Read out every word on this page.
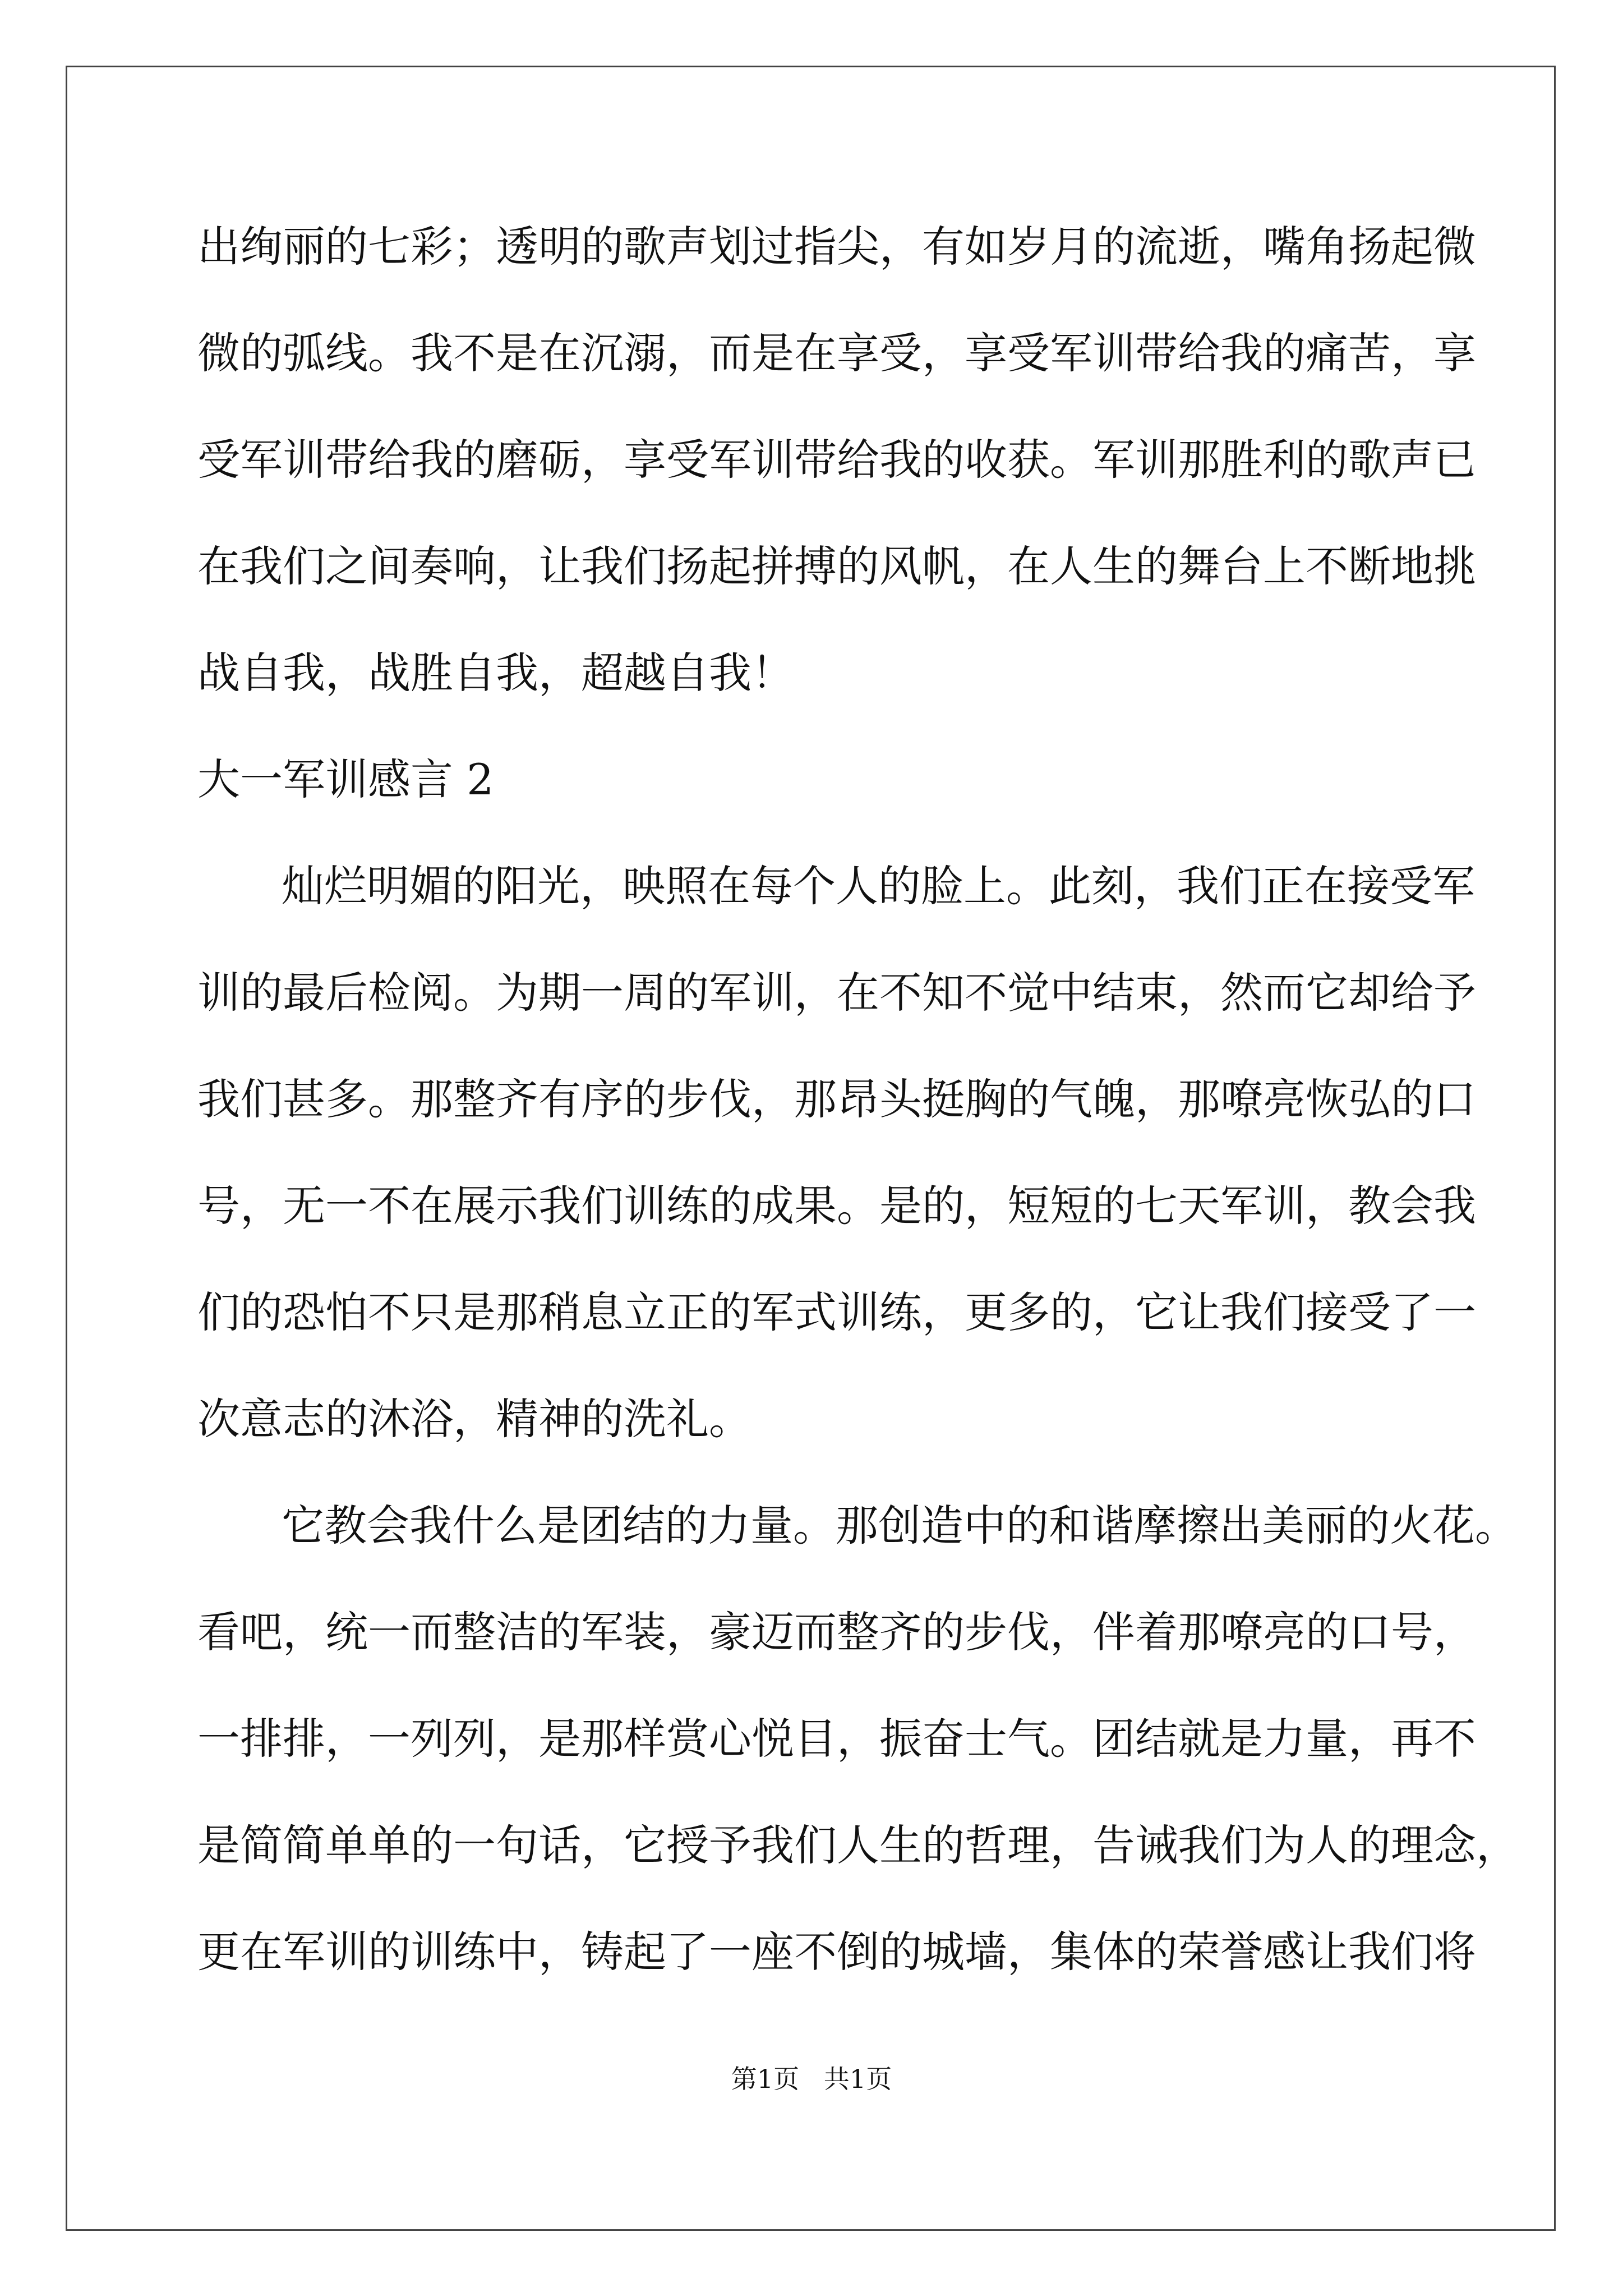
出绚丽的七彩；透明的歌声划过指尖，有如岁月的流逝，嘴角扬起微

微的弧线。我不是在沉溺，而是在享受，享受军训带给我的痛苦，享

受军训带给我的磨砺，享受军训带给我的收获。军训那胜利的歌声已

在我们之间奏响，让我们扬起拼搏的风帆，在人生的舞台上不断地挑

战自我，战胜自我，超越自我！

大一军训感言 2

灿烂明媚的阳光，映照在每个人的脸上。此刻，我们正在接受军

训的最后检阅。为期一周的军训，在不知不觉中结束，然而它却给予

我们甚多。那整齐有序的步伐，那昂头挺胸的气魄，那嘹亮恢弘的口

号，无一不在展示我们训练的成果。是的，短短的七天军训，教会我

们的恐怕不只是那稍息立正的军式训练，更多的，它让我们接受了一

次意志的沐浴，精神的洗礼。

它教会我什么是团结的力量。那创造中的和谐摩擦出美丽的火花。

看吧，统一而整洁的军装，豪迈而整齐的步伐，伴着那嘹亮的口号，

一排排，一列列，是那样赏心悦目，振奋士气。团结就是力量，再不

是简简单单的一句话，它授予我们人生的哲理，告诫我们为人的理念，

更在军训的训练中，铸起了一座不倒的城墙，集体的荣誉感让我们将

第1页   共1页
